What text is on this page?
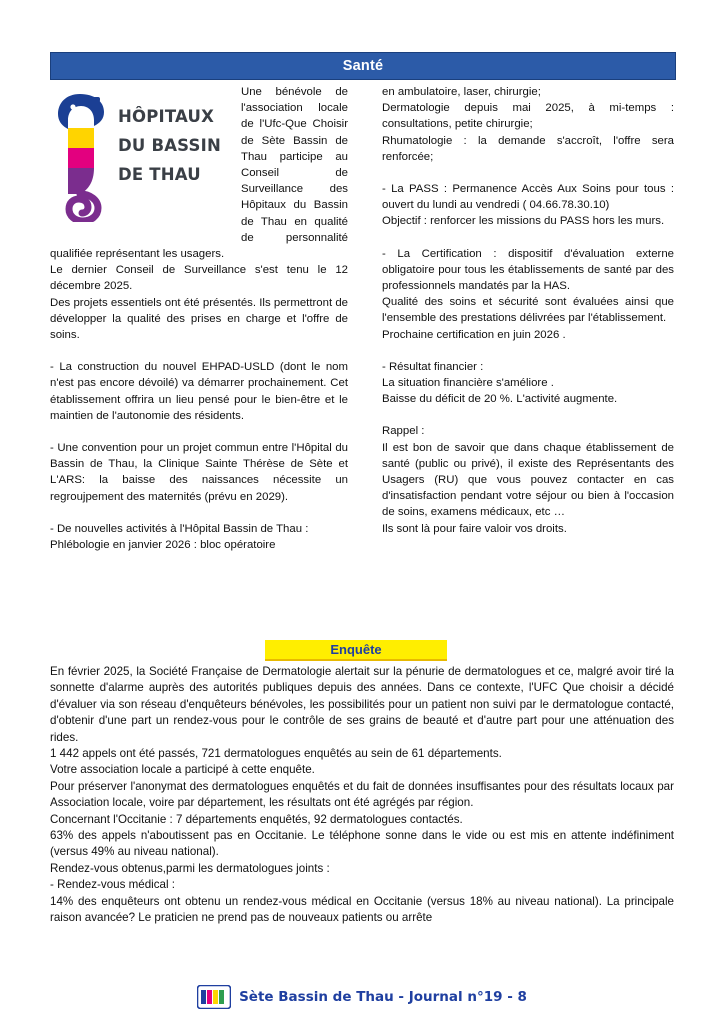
Santé
HÔPITAUX
DU BASSIN
DE THAU

Une bénévole de l'association locale de l'Ufc-Que Choisir de Sète Bassin de Thau participe au Conseil de Surveillance des Hôpitaux du Bassin de Thau en qualité de personnalité qualifiée représentant les usagers.

Le dernier Conseil de Surveillance s'est tenu le 12 décembre 2025.

Des projets essentiels ont été présentés. Ils permettront de développer la qualité des prises en charge et l'offre de soins.

- La construction du nouvel EHPAD-USLD (dont le nom n'est pas encore dévoilé) va démarrer prochainement. Cet établissement offrira un lieu pensé pour le bien-être et le maintien de l'autonomie des résidents.

- Une convention pour un projet commun entre l'Hôpital du Bassin de Thau, la Clinique Sainte Thérèse de Sète et L'ARS: la baisse des naissances nécessite un regroujpement des maternités (prévu en 2029).

- De nouvelles activités à l'Hôpital Bassin de Thau :

Phlébologie en janvier 2026 : bloc opératoire

en ambulatoire, laser, chirurgie;

Dermatologie depuis mai 2025, à mi-temps : consultations, petite chirurgie;

Rhumatologie : la demande s'accroît, l'offre sera renforcée;

- La PASS : Permanence Accès Aux Soins pour tous : ouvert du lundi au vendredi ( 04.66.78.30.10)

Objectif : renforcer les missions du PASS hors les murs.

- La Certification : dispositif d'évaluation externe obligatoire pour tous les établissements de santé par des professionnels mandatés par la HAS.

Qualité des soins et sécurité sont évaluées ainsi que l'ensemble des prestations délivrées par l'établissement.

Prochaine certification en juin 2026 .

- Résultat financier :

La situation financière s'améliore .

Baisse du déficit de 20 %. L'activité augmente.

Rappel :

Il est bon de savoir que dans chaque établissement de santé (public ou privé), il existe des Représentants des Usagers (RU) que vous pouvez contacter en cas d'insatisfaction pendant votre séjour ou bien à l'occasion de soins, examens médicaux, etc …

Ils sont là pour faire valoir vos droits.

Enquête

En février 2025, la Société Française de Dermatologie alertait sur la pénurie de dermatologues et ce, malgré avoir tiré la sonnette d'alarme auprès des autorités publiques depuis des années. Dans ce contexte, l'UFC Que choisir a décidé d'évaluer via son réseau d'enquêteurs bénévoles, les possibilités pour un patient non suivi par le dermatologue contacté, d'obtenir d'une part un rendez-vous pour le contrôle de ses grains de beauté et d'autre part pour une atténuation des rides.

1 442 appels ont été passés, 721 dermatologues enquêtés au sein de 61 départements.

Votre association locale a participé à cette enquête.

Pour préserver l'anonymat des dermatologues enquêtés et du fait de données insuffisantes pour des résultats locaux par Association locale, voire par département, les résultats ont été agrégés par région.

Concernant l'Occitanie : 7 départements enquêtés, 92 dermatologues contactés.

63% des appels n'aboutissent pas en Occitanie. Le téléphone sonne dans le vide ou est mis en attente indéfiniment (versus 49% au niveau national).

Rendez-vous obtenus,parmi les dermatologues joints :

- Rendez-vous médical :

14% des enquêteurs ont obtenu un rendez-vous médical en Occitanie (versus 18% au niveau national). La principale raison avancée? Le praticien ne prend pas de nouveaux patients ou arrête

Sète Bassin de Thau - Journal n°19 - 8
